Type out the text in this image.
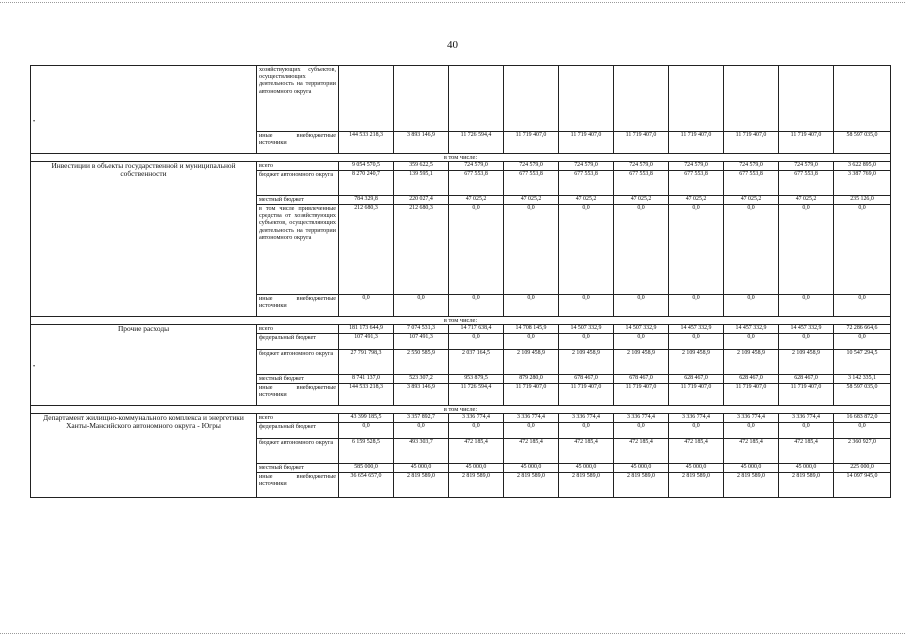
40
•	хозяйствующих субъектов, осуществляющих деятельность на территории автономного округа										
	иные внебюджетные источники	144 533 218,3	3 893 146,9	11 726 594,4	11 719 407,0	11 719 407,0	11 719 407,0	11 719 407,0	11 719 407,0	11 719 407,0	58 597 035,0
в том числе:											
Инвестиции в объекты государственной и муниципальной собственности	всего	9 054 570,5	359 622,5	724 579,0	724 579,0	724 579,0	724 579,0	724 579,0	724 579,0	724 579,0	3 622 895,0
	бюджет автономного округа	8 270 240,7	139 595,1	677 553,8	677 553,8	677 553,8	677 553,8	677 553,8	677 553,8	677 553,8	3 387 769,0
	местный бюджет	784 329,8	220 027,4	47 025,2	47 025,2	47 025,2	47 025,2	47 025,2	47 025,2	47 025,2	235 126,0
	в том числе привлеченные средства от хозяйствующих субъектов, осуществляющих деятельность на территории автономного округа	212 680,3	212 680,3	0,0	0,0	0,0	0,0	0,0	0,0	0,0	0,0
	иные внебюджетные источники	0,0	0,0	0,0	0,0	0,0	0,0	0,0	0,0	0,0	0,0
в том числе:											
Прочие расходы
•	всего	181 173 644,9	7 074 531,3	14 717 638,4	14 708 145,9	14 507 332,9	14 507 332,9	14 457 332,9	14 457 332,9	14 457 332,9	72 286 664,6
	федеральный бюджет	107 491,3	107 491,3	0,0	0,0	0,0	0,0	0,0	0,0	0,0	0,0
	бюджет автономного округа	27 791 798,3	2 550 585,9	2 037 164,5	2 109 458,9	2 109 458,9	2 109 458,9	2 109 458,9	2 109 458,9	2 109 458,9	10 547 294,5
	местный бюджет	8 741 137,0	523 307,2	953 879,5	879 280,0	678 467,0	678 467,0	628 467,0	628 467,0	628 467,0	3 142 335,1
	иные внебюджетные источники	144 533 218,3	3 893 146,9	11 726 594,4	11 719 407,0	11 719 407,0	11 719 407,0	11 719 407,0	11 719 407,0	11 719 407,0	58 597 035,0
в том числе:											
Департамент жилищно-коммунального комплекса и энергетики Ханты-Мансийского автономного округа - Югры	всего	43 399 185,5	3 357 892,7	3 336 774,4	3 336 774,4	3 336 774,4	3 336 774,4	3 336 774,4	3 336 774,4	3 336 774,4	16 683 872,0
	федеральный бюджет	0,0	0,0	0,0	0,0	0,0	0,0	0,0	0,0	0,0	0,0
	бюджет автономного округа	6 159 528,5	493 303,7	472 185,4	472 185,4	472 185,4	472 185,4	472 185,4	472 185,4	472 185,4	2 360 927,0
	местный бюджет	585 000,0	45 000,0	45 000,0	45 000,0	45 000,0	45 000,0	45 000,0	45 000,0	45 000,0	225 000,0
	иные внебюджетные источники	36 654 657,0	2 819 589,0	2 819 589,0	2 819 589,0	2 819 589,0	2 819 589,0	2 819 589,0	2 819 589,0	2 819 589,0	14 097 945,0
